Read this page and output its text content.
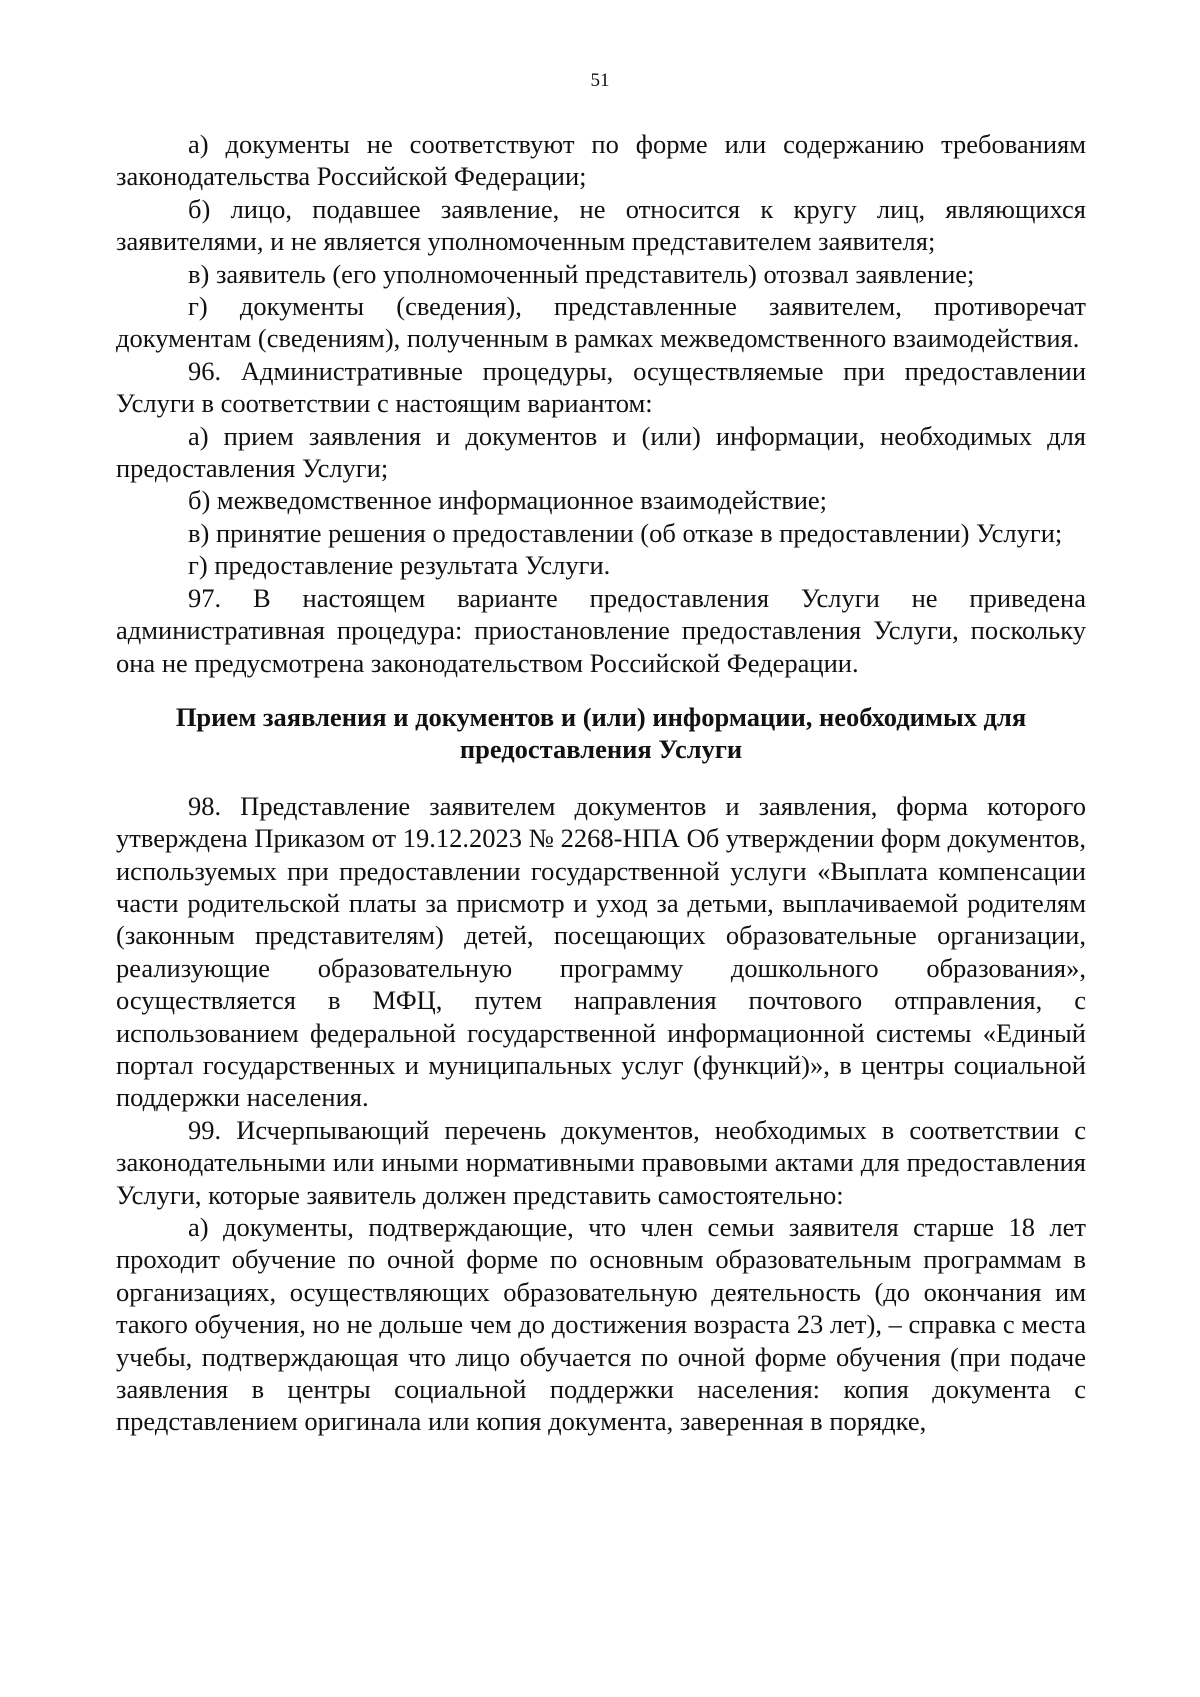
51

а) документы не соответствуют по форме или содержанию требованиям законодательства Российской Федерации;

б) лицо, подавшее заявление, не относится к кругу лиц, являющихся заявителями, и не является уполномоченным представителем заявителя;

в) заявитель (его уполномоченный представитель) отозвал заявление;

г) документы (сведения), представленные заявителем, противоречат документам (сведениям), полученным в рамках межведомственного взаимодействия.

96. Административные процедуры, осуществляемые при предоставлении Услуги в соответствии с настоящим вариантом:

а) прием заявления и документов и (или) информации, необходимых для предоставления Услуги;

б) межведомственное информационное взаимодействие;

в) принятие решения о предоставлении (об отказе в предоставлении) Услуги;

г) предоставление результата Услуги.

97. В настоящем варианте предоставления Услуги не приведена административная процедура: приостановление предоставления Услуги, поскольку она не предусмотрена законодательством Российской Федерации.

Прием заявления и документов и (или) информации, необходимых для
предоставления Услуги

98. Представление заявителем документов и заявления, форма которого утверждена Приказом от 19.12.2023 № 2268-НПА Об утверждении форм документов, используемых при предоставлении государственной услуги «Выплата компенсации части родительской платы за присмотр и уход за детьми, выплачиваемой родителям (законным представителям) детей, посещающих образовательные организации, реализующие образовательную программу дошкольного образования», осуществляется в МФЦ, путем направления почтового отправления, с использованием федеральной государственной информационной системы «Единый портал государственных и муниципальных услуг (функций)», в центры социальной поддержки населения.

99. Исчерпывающий перечень документов, необходимых в соответствии с законодательными или иными нормативными правовыми актами для предоставления Услуги, которые заявитель должен представить самостоятельно:

а) документы, подтверждающие, что член семьи заявителя старше 18 лет проходит обучение по очной форме по основным образовательным программам в организациях, осуществляющих образовательную деятельность (до окончания им такого обучения, но не дольше чем до достижения возраста 23 лет), – справка с места учебы, подтверждающая что лицо обучается по очной форме обучения (при подаче заявления в центры социальной поддержки населения: копия документа с представлением оригинала или копия документа, заверенная в порядке,
